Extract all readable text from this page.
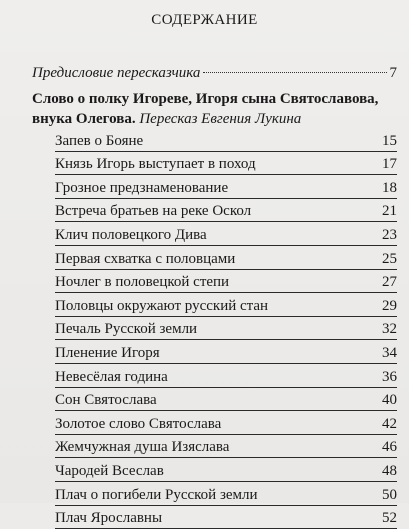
СОДЕРЖАНИЕ
Предисловие пересказчика	7
Слово о полку Игореве, Игоря сына Святославова,
внука Олегова. Пересказ Евгения Лукина
Запев о Бояне	15
Князь Игорь выступает в поход	17
Грозное предзнаменование	18
Встреча братьев на реке Оскол	21
Клич половецкого Дива	23
Первая схватка с половцами	25
Ночлег в половецкой степи	27
Половцы окружают русский стан	29
Печаль Русской земли	32
Пленение Игоря	34
Невесёлая година	36
Сон Святослава	40
Золотое слово Святослава	42
Жемчужная душа Изяслава	46
Чародей Всеслав	48
Плач о погибели Русской земли	50
Плач Ярославны	52
